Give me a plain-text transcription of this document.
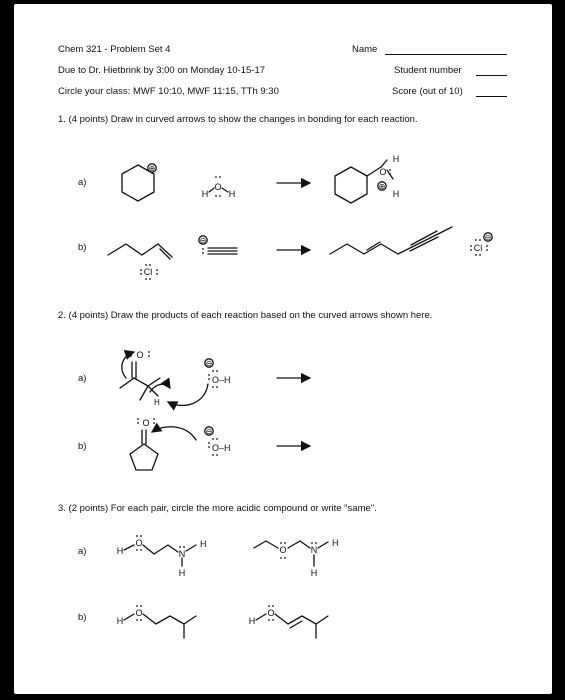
Chem 321 - Problem Set 4	Name
Due to Dr. Hietbrink by 3:00 on Monday 10-15-17	Student number
Circle your class: MWF 10:10, MWF 11:15, TTh 9:30	Score (out of 10)
1. (4 points) Draw in curved arrows to show the changes in bonding for each reaction.
a)
b)
2. (4 points) Draw the products of each reaction based on the curved arrows shown here.
a)
b)
3. (2 points) For each pair, circle the more acidic compound or write "same".
a)
b)
⊕
O
H H
H
O
H
⊕
Cl
⊖
Cl
⊖
O
H
O–H
⊖
O
O–H
⊖
H
O
N
H
H
O	N
H
H
H
O
H
O
